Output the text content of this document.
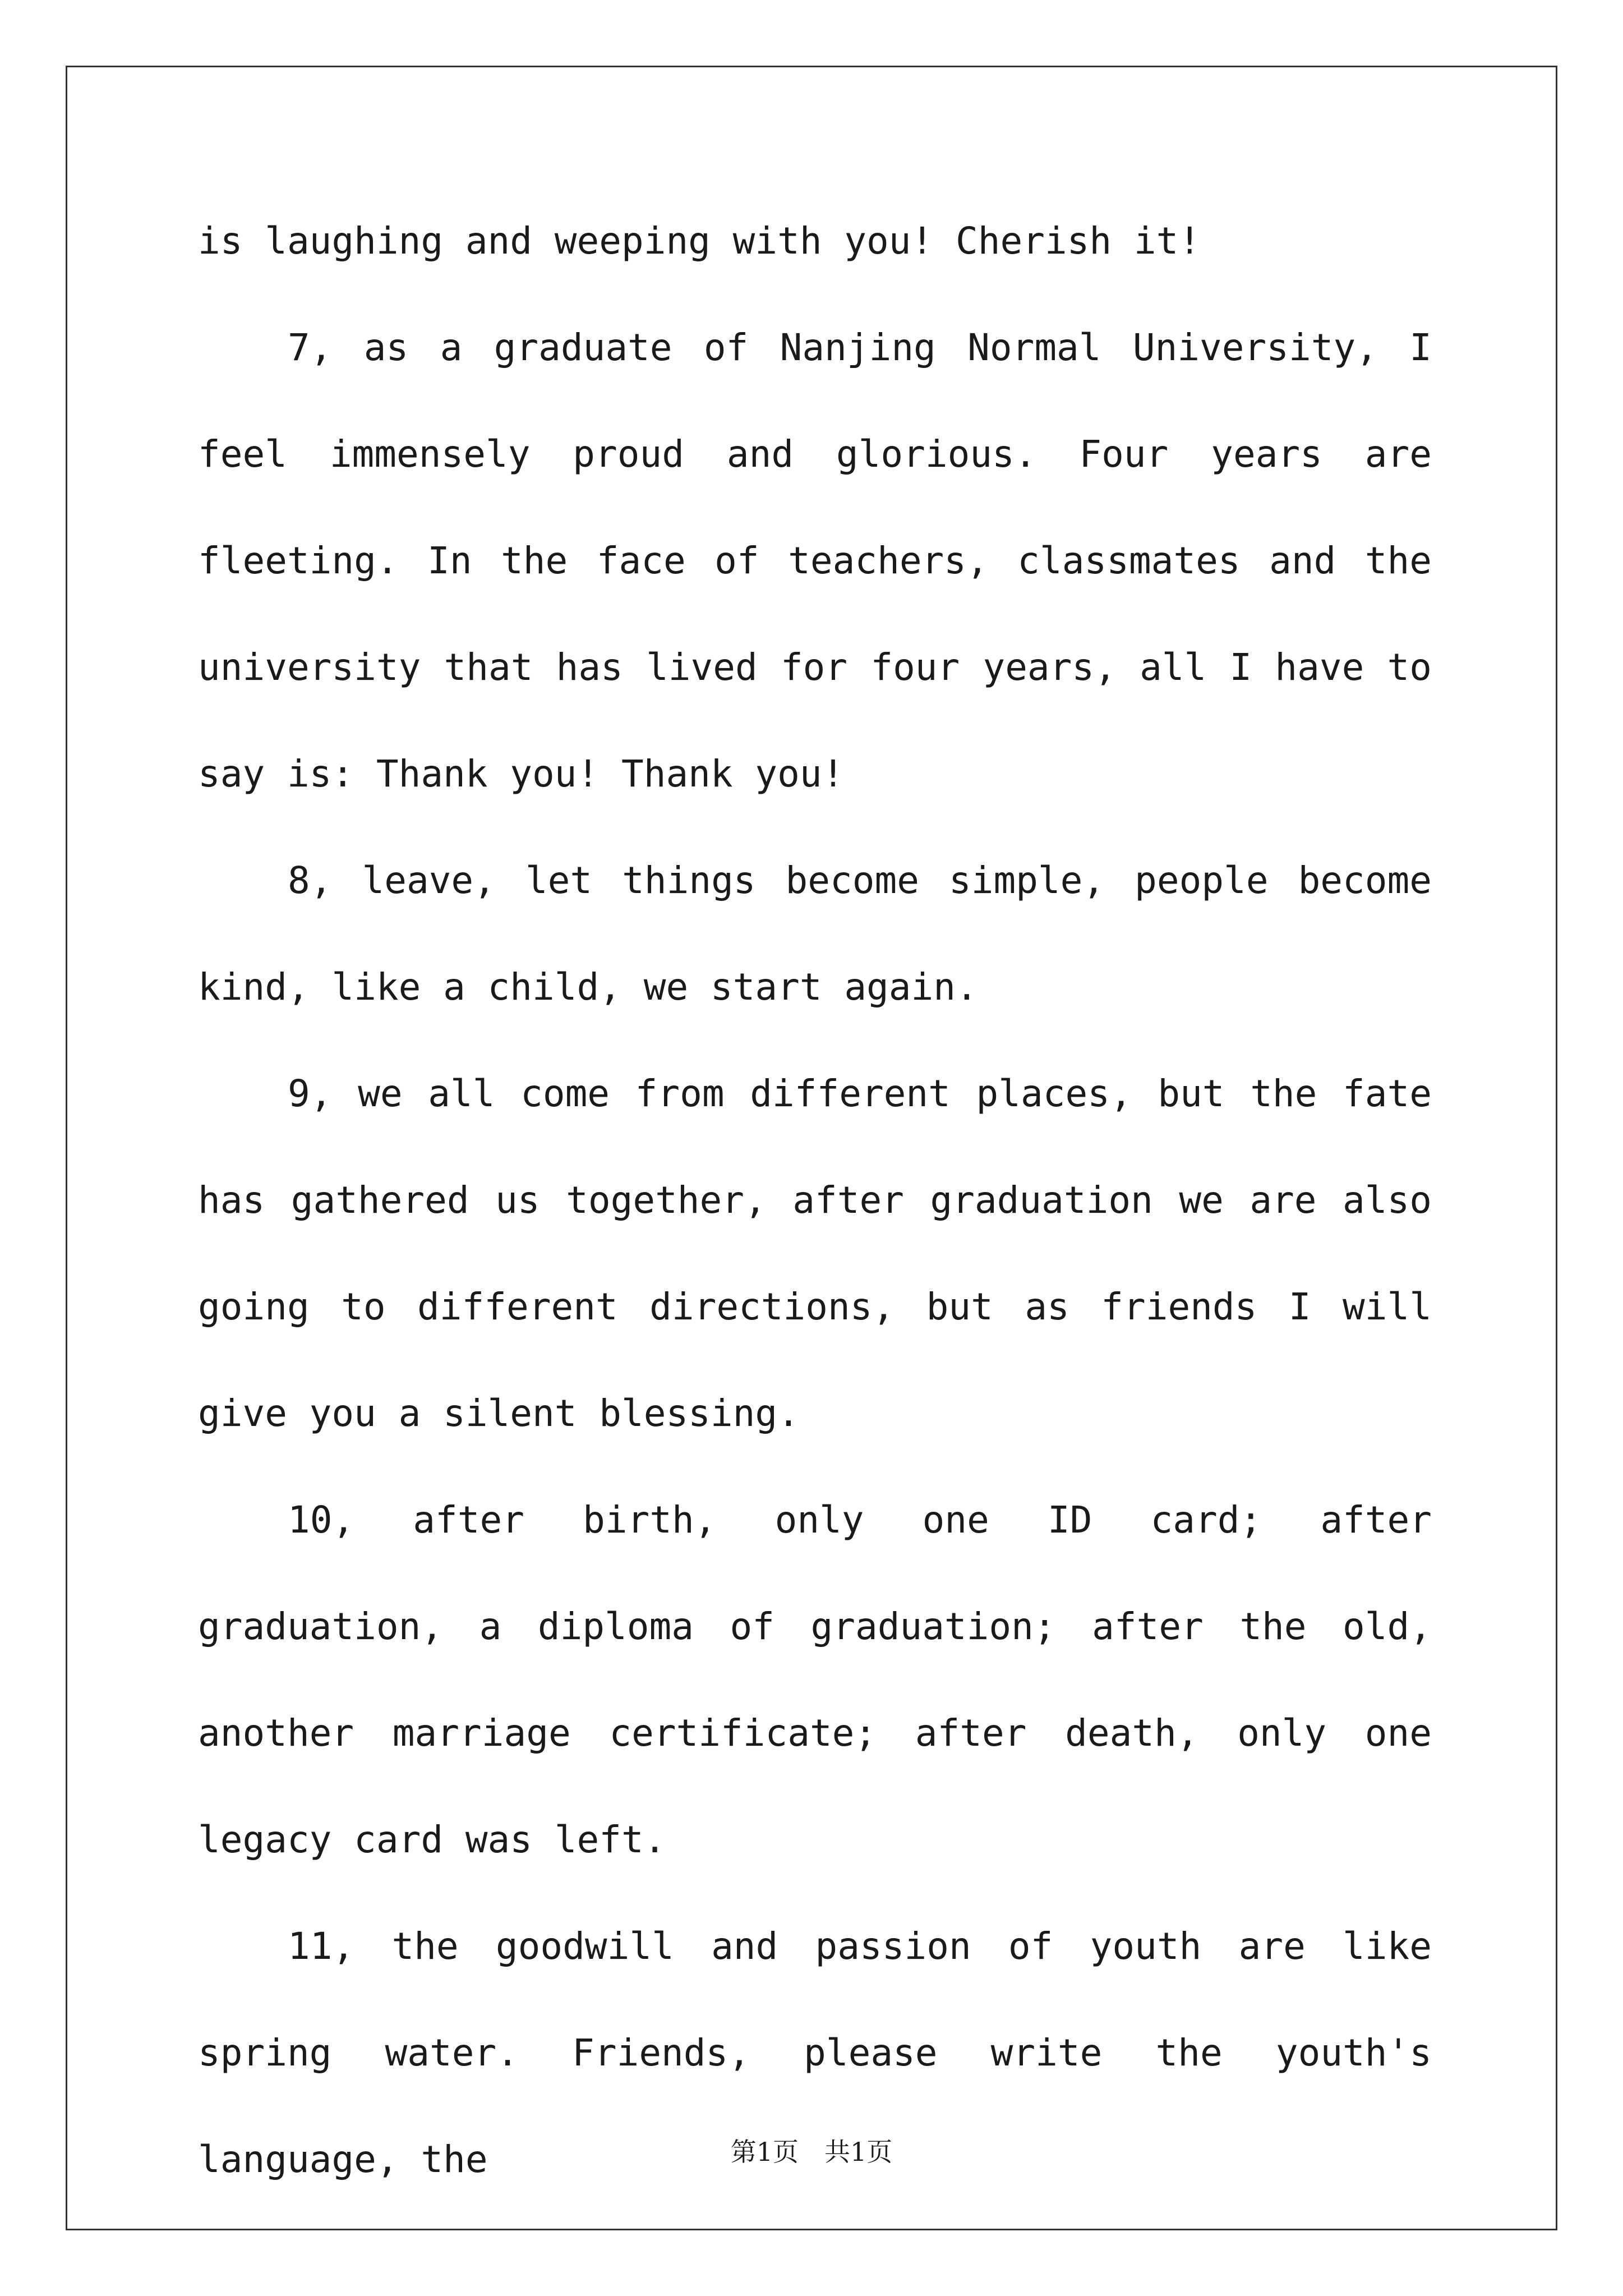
is laughing and weeping with you! Cherish it!

7, as a graduate of Nanjing Normal University, I feel immensely proud and glorious. Four years are fleeting. In the face of teachers, classmates and the university that has lived for four years, all I have to say is: Thank you! Thank you!

8, leave, let things become simple, people become kind, like a child, we start again.

9, we all come from different places, but the fate has gathered us together, after graduation we are also going to different directions, but as friends I will give you a silent blessing.

10, after birth, only one ID card; after graduation, a diploma of graduation; after the old, another marriage certificate; after death, only one legacy card was left.

11, the goodwill and passion of youth are like spring water. Friends, please write the youth's language, the	第1页　共1页
